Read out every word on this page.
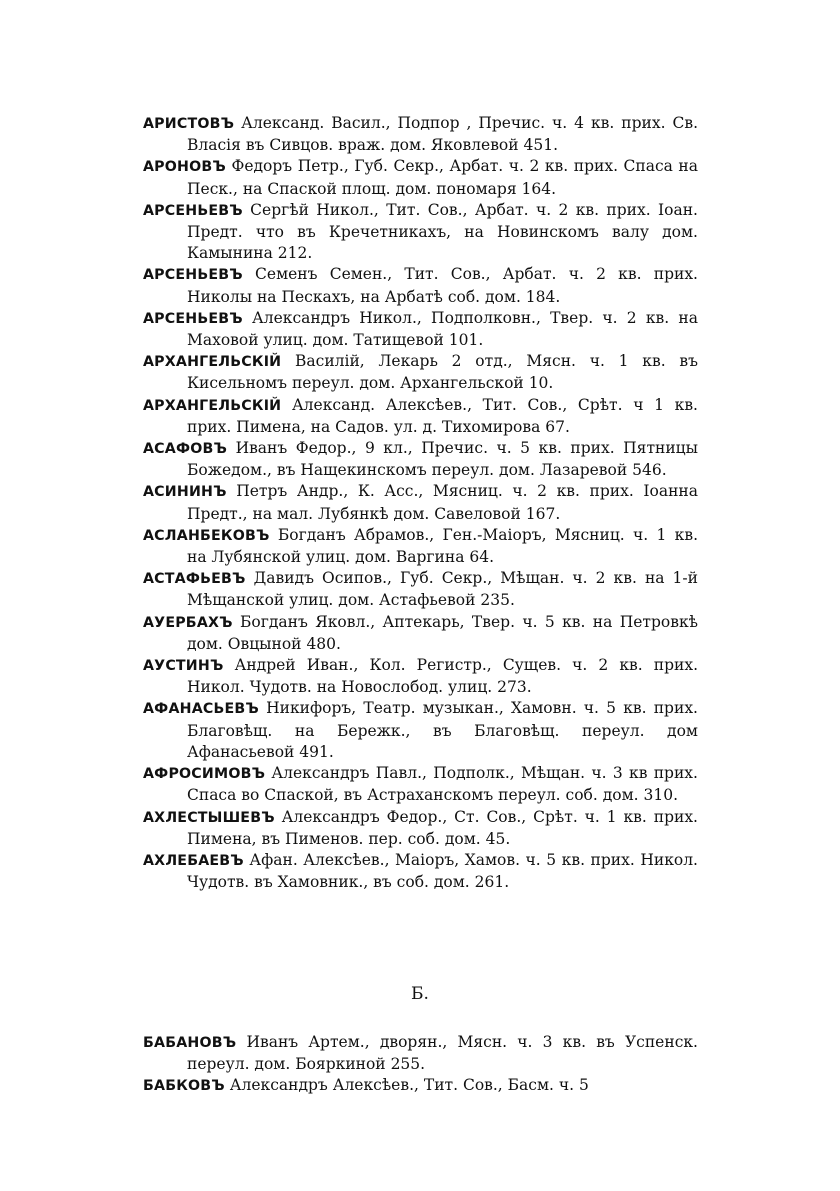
АРИСТОВЪ Александ. Васил., Подпор , Пречис. ч. 4 кв. прих. Св. Власія въ Сивцов. враж. дом. Яковлевой 451.
АРОНОВЪ Федоръ Петр., Губ. Секр., Арбат. ч. 2 кв. прих. Спаса на Песк., на Спаской площ. дом. пономаря 164.
АРСЕНЬЕВЪ Сергѣй Никол., Тит. Сов., Арбат. ч. 2 кв. прих. Іоан. Предт. что въ Кречетникахъ, на Новинскомъ валу дом. Камынина 212.
АРСЕНЬЕВЪ Семенъ Семен., Тит. Сов., Арбат. ч. 2 кв. прих. Николы на Пескахъ, на Арбатѣ соб. дом. 184.
АРСЕНЬЕВЪ Александръ Никол., Подполковн., Твер. ч. 2 кв. на Маховой улиц. дом. Татищевой 101.
АРХАНГЕЛЬСКІЙ Василій, Лекарь 2 отд., Мясн. ч. 1 кв. въ Кисельномъ переул. дом. Архангельской 10.
АРХАНГЕЛЬСКІЙ Александ. Алексѣев., Тит. Сов., Срѣт. ч 1 кв. прих. Пимена, на Садов. ул. д. Тихомирова 67.
АСАФОВЪ Иванъ Федор., 9 кл., Пречис. ч. 5 кв. прих. Пятницы Божедом., въ Нащекинскомъ переул. дом. Лазаревой 546.
АСИНИНЪ Петръ Андр., К. Асс., Мясниц. ч. 2 кв. прих. Іоанна Предт., на мал. Лубянкѣ дом. Савеловой 167.
АСЛАНБЕКОВЪ Богданъ Абрамов., Ген.-Маіоръ, Мясниц. ч. 1 кв. на Лубянской улиц. дом. Варгина 64.
АСТАФЬЕВЪ Давидъ Осипов., Губ. Секр., Мѣщан. ч. 2 кв. на 1-й Мѣщанской улиц. дом. Астафьевой 235.
АУЕРБАХЪ Богданъ Яковл., Аптекарь, Твер. ч. 5 кв. на Петровкѣ дом. Овцыной 480.
АУСТИНЪ Андрей Иван., Кол. Регистр., Сущев. ч. 2 кв. прих. Никол. Чудотв. на Новослобод. улиц. 273.
АФАНАСЬЕВЪ Никифоръ, Театр. музыкан., Хамовн. ч. 5 кв. прих. Благовѣщ. на Бережк., въ Благовѣщ. переул. дом Афанасьевой 491.
АФРОСИМОВЪ Александръ Павл., Подполк., Мѣщан. ч. 3 кв прих. Спаса во Спаской, въ Астраханскомъ переул. соб. дом. 310.
АХЛЕСТЫШЕВЪ Александръ Федор., Ст. Сов., Срѣт. ч. 1 кв. прих. Пимена, въ Пименов. пер. соб. дом. 45.
АХЛЕБАЕВЪ Афан. Алексѣев., Маіоръ, Хамов. ч. 5 кв. прих. Никол. Чудотв. въ Хамовник., въ соб. дом. 261.
Б.
БАБАНОВЪ Иванъ Артем., дворян., Мясн. ч. 3 кв. въ Успенск. переул. дом. Бояркиной 255.
БАБКОВЪ Александръ Алексѣев., Тит. Сов., Басм. ч. 5
